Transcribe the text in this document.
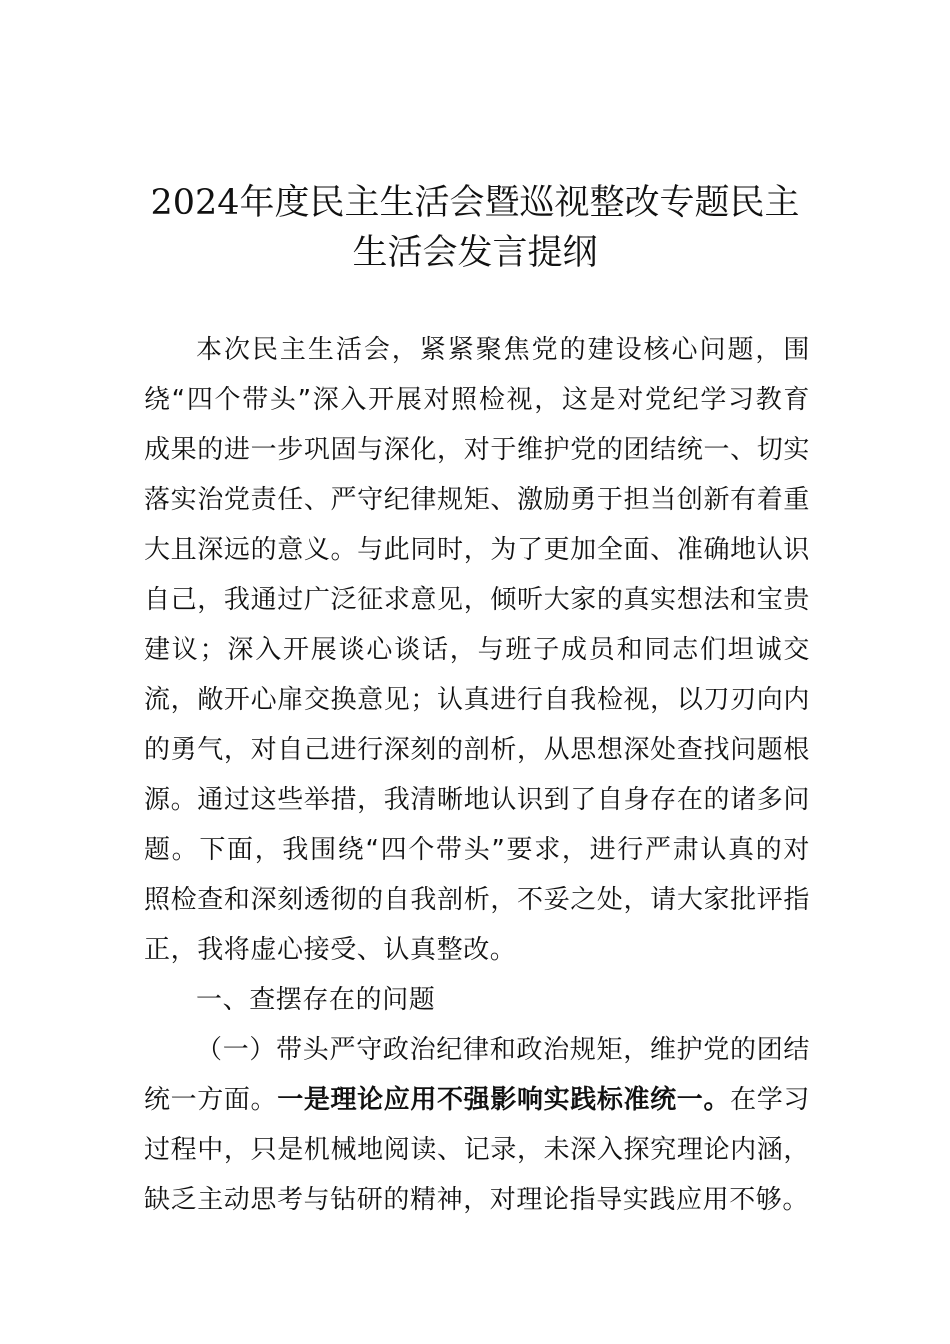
2024年度民主生活会暨巡视整改专题民主
生活会发言提纲

本次民主生活会，紧紧聚焦党的建设核心问题，围绕“四个带头”深入开展对照检视，这是对党纪学习教育成果的进一步巩固与深化，对于维护党的团结统一、切实落实治党责任、严守纪律规矩、激励勇于担当创新有着重大且深远的意义。与此同时，为了更加全面、准确地认识自己，我通过广泛征求意见，倾听大家的真实想法和宝贵建议；深入开展谈心谈话，与班子成员和同志们坦诚交流，敞开心扉交换意见；认真进行自我检视，以刀刃向内的勇气，对自己进行深刻的剖析，从思想深处查找问题根源。通过这些举措，我清晰地认识到了自身存在的诸多问题。下面，我围绕“四个带头”要求，进行严肃认真的对照检查和深刻透彻的自我剖析，不妥之处，请大家批评指正，我将虚心接受、认真整改。

一、查摆存在的问题

（一）带头严守政治纪律和政治规矩，维护党的团结统一方面。一是理论应用不强影响实践标准统一。在学习过程中，只是机械地阅读、记录，未深入探究理论内涵，缺乏主动思考与钻研的精神，对理论指导实践应用不够。
